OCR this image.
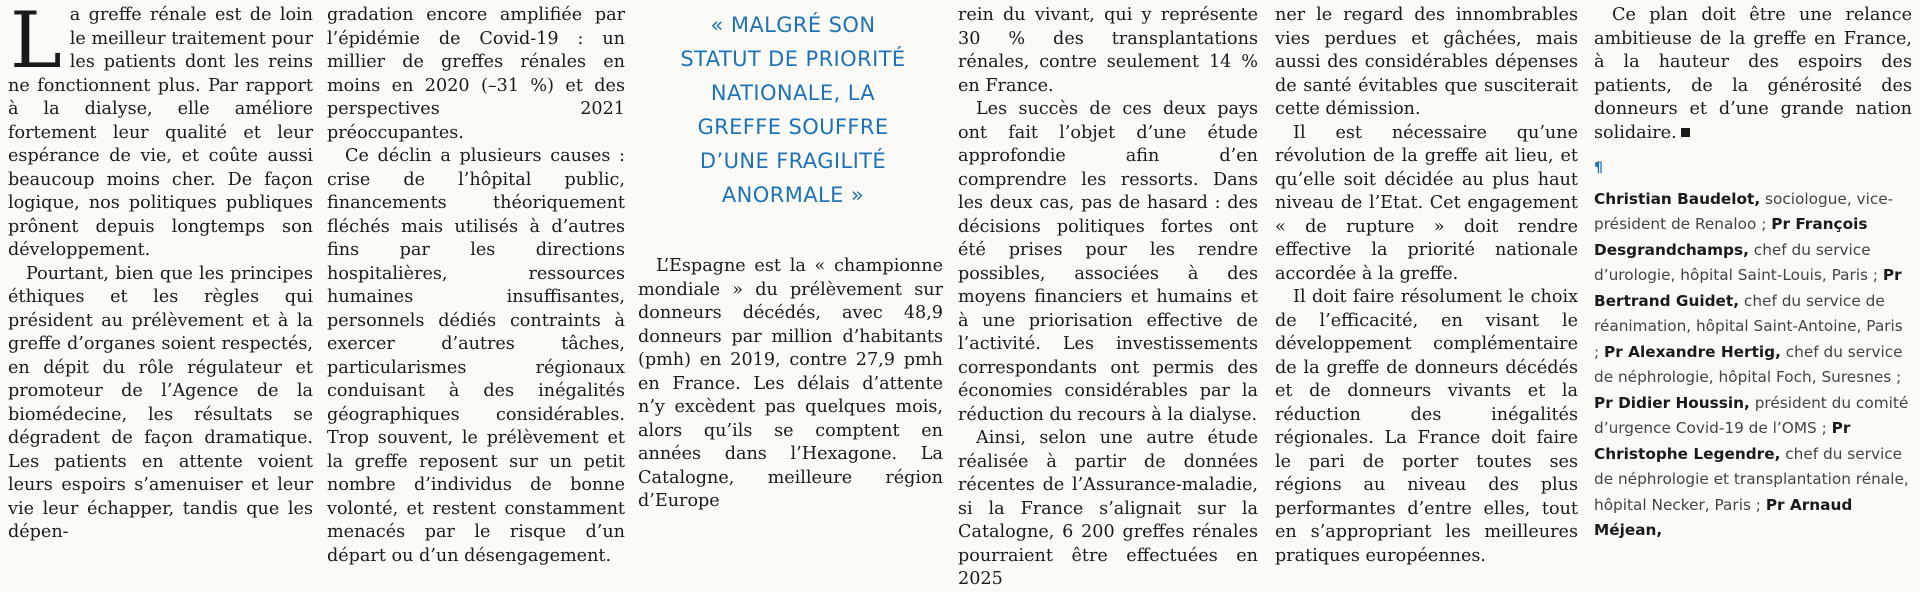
La greffe rénale est de loin le meilleur traitement pour les patients dont les reins ne fonctionnent plus. Par rapport à la dialyse, elle améliore fortement leur qualité et leur espérance de vie, et coûte aussi beaucoup moins cher. De façon logique, nos politiques publiques prônent depuis longtemps son développement.

Pourtant, bien que les principes éthiques et les règles qui président au prélèvement et à la greffe d’organes soient respectés, en dépit du rôle régulateur et promoteur de l’Agence de la biomédecine, les résultats se dégradent de façon dramatique. Les patients en attente voient leurs espoirs s’amenuiser et leur vie leur échapper, tandis que les dépen-

gradation encore amplifiée par l’épidémie de Covid-19 : un millier de greffes rénales en moins en 2020 (–31 %) et des perspectives 2021 préoccupantes.

Ce déclin a plusieurs causes : crise de l’hôpital public, financements théoriquement fléchés mais utilisés à d’autres fins par les directions hospitalières, ressources humaines insuffisantes, personnels dédiés contraints à exercer d’autres tâches, particularismes régionaux conduisant à des inégalités géographiques considérables. Trop souvent, le prélèvement et la greffe reposent sur un petit nombre d’individus de bonne volonté, et restent constamment menacés par le risque d’un départ ou d’un désengagement.

« MALGRÉ SON STATUT DE PRIORITÉ NATIONALE, LA GREFFE SOUFFRE D’UNE FRAGILITÉ ANORMALE »

L’Espagne est la « championne mondiale » du prélèvement sur donneurs décédés, avec 48,9 donneurs par million d’habitants (pmh) en 2019, contre 27,9 pmh en France. Les délais d’attente n’y excèdent pas quelques mois, alors qu’ils se comptent en années dans l’Hexagone. La Catalogne, meilleure région d’Europe

rein du vivant, qui y représente 30 % des transplantations rénales, contre seulement 14 % en France.

Les succès de ces deux pays ont fait l’objet d’une étude approfondie afin d’en comprendre les ressorts. Dans les deux cas, pas de hasard : des décisions politiques fortes ont été prises pour les rendre possibles, associées à des moyens financiers et humains et à une priorisation effective de l’activité. Les investissements correspondants ont permis des économies considérables par la réduction du recours à la dialyse.

Ainsi, selon une autre étude réalisée à partir de données récentes de l’Assurance-maladie, si la France s’alignait sur la Catalogne, 6 200 greffes rénales pourraient être effectuées en 2025

ner le regard des innombrables vies perdues et gâchées, mais aussi des considérables dépenses de santé évitables que susciterait cette démission.

Il est nécessaire qu’une révolution de la greffe ait lieu, et qu’elle soit décidée au plus haut niveau de l’Etat. Cet engagement « de rupture » doit rendre effective la priorité nationale accordée à la greffe.

Il doit faire résolument le choix de l’efficacité, en visant le développement complémentaire de la greffe de donneurs décédés et de donneurs vivants et la réduction des inégalités régionales. La France doit faire le pari de porter toutes ses régions au niveau des plus performantes d’entre elles, tout en s’appropriant les meilleures pratiques européennes.

Ce plan doit être une relance ambitieuse de la greffe en France, à la hauteur des espoirs des patients, de la générosité des donneurs et d’une grande nation solidaire.

¶

Christian Baudelot, sociologue, vice-président de Renaloo ; Pr François Desgrandchamps, chef du service d’urologie, hôpital Saint-Louis, Paris ; Pr Bertrand Guidet, chef du service de réanimation, hôpital Saint-Antoine, Paris ; Pr Alexandre Hertig, chef du service de néphrologie, hôpital Foch, Suresnes ; Pr Didier Houssin, président du comité d’urgence Covid-19 de l’OMS ; Pr Christophe Legendre, chef du service de néphrologie et transplantation rénale, hôpital Necker, Paris ; Pr Arnaud Méjean,
